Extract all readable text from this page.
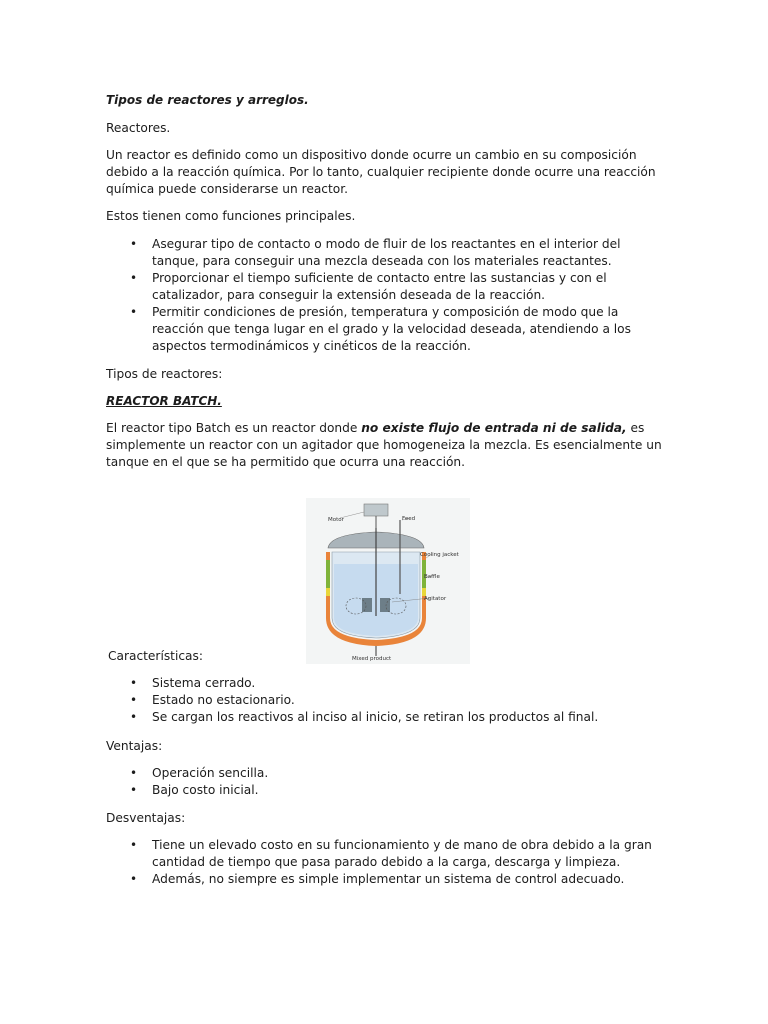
Tipos de reactores y arreglos.

Reactores.

Un reactor es definido como un dispositivo donde ocurre un cambio en su composición debido a la reacción química. Por lo tanto, cualquier recipiente donde ocurre una reacción química puede considerarse un reactor.

Estos tienen como funciones principales.

• Asegurar tipo de contacto o modo de fluir de los reactantes en el interior del tanque, para conseguir una mezcla deseada con los materiales reactantes.
• Proporcionar el tiempo suficiente de contacto entre las sustancias y con el catalizador, para conseguir la extensión deseada de la reacción.
• Permitir condiciones de presión, temperatura y composición de modo que la reacción que tenga lugar en el grado y la velocidad deseada, atendiendo a los aspectos termodinámicos y cinéticos de la reacción.

Tipos de reactores:

REACTOR BATCH.

El reactor tipo Batch es un reactor donde no existe flujo de entrada ni de salida, es simplemente un reactor con un agitador que homogeneiza la mezcla. Es esencialmente un tanque en el que se ha permitido que ocurra una reacción.

Motor	Feed
Cooling jacket
Baffle
Agitator
Mixed product

Características:

• Sistema cerrado.
• Estado no estacionario.
• Se cargan los reactivos al inciso al inicio, se retiran los productos al final.

Ventajas:

• Operación sencilla.
• Bajo costo inicial.

Desventajas:

• Tiene un elevado costo en su funcionamiento y de mano de obra debido a la gran cantidad de tiempo que pasa parado debido a la carga, descarga y limpieza.
• Además, no siempre es simple implementar un sistema de control adecuado.
